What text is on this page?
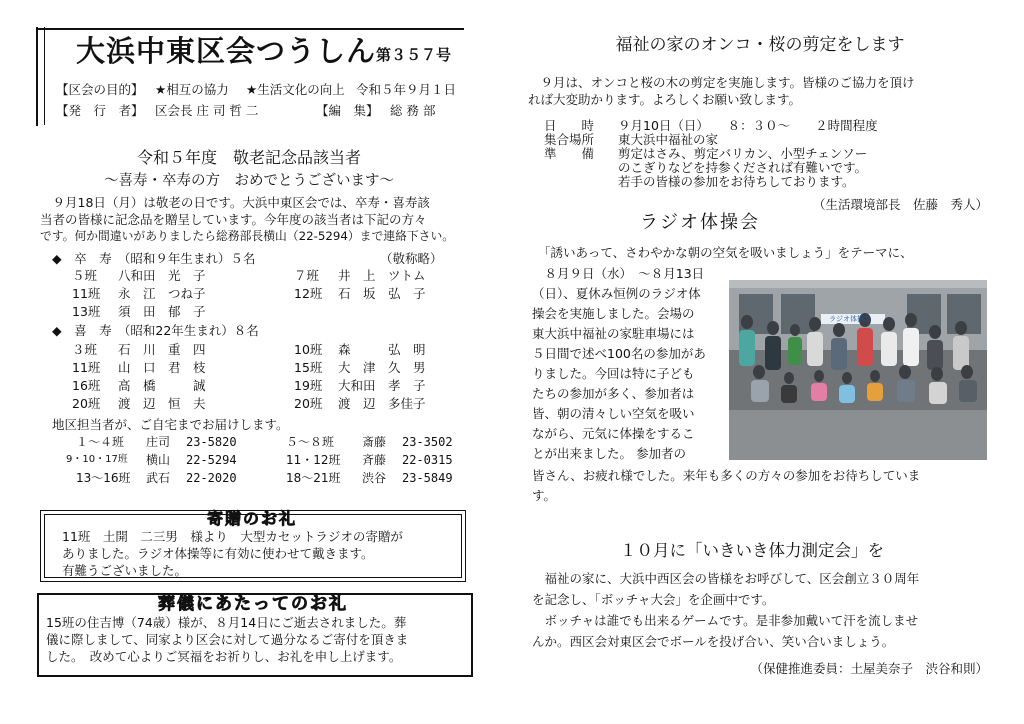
大浜中東区会つうしん 第３５７号
【区会の目的】 ★相互の協力 ★生活文化の向上 令和５年９月１日
【発　行　者】 区会長 庄 司 哲 二	【編　集】 総 務 部
令和５年度　敬老記念品該当者
～喜寿・卒寿の方　おめでとうございます～
　９月18日（月）は敬老の日です。大浜中東区会では、卒寿・喜寿該
当者の皆様に記念品を贈呈しています。今年度の該当者は下記の方々
です。何か間違いがありましたら総務部長横山（22-5294）まで連絡下さい。
◆　卒　寿　（昭和９年生まれ）５名	（敬称略）
５班 八和田　光　子	７班 井　上　ツトム
11班 永　江　つね子	12班 石　坂　弘　子
13班 須　田　郁　子
◆　喜　寿　（昭和22年生まれ）８名
３班 石　川　重　四	10班 森　　　弘　明
11班 山　口　君　枝	15班 大　津　久　男
16班 高　橋　　　誠	19班 大和田　孝　子
20班 渡　辺　恒　夫	20班 渡　辺　多佳子
地区担当者が、ご自宅までお届けします。
１～４班 庄司 23-5820	５～８班 斎藤 23-3502
9・10・17班 横山 22-5294	11・12班 斉藤 22-0315
13～16班 武石 22-2020	18～21班 渋谷 23-5849
寄贈のお礼
11班　土開　二三男　様より　大型カセットラジオの寄贈が
ありました。ラジオ体操等に有効に使わせて戴きます。
有難うございました。
葬儀にあたってのお礼
15班の住吉博（74歳）様が、８月14日にご逝去されました。葬
儀に際しまして、同家より区会に対して過分なるご寄付を頂きま
した。　改めて心よりご冥福をお祈りし、お礼を申し上げます。
福祉の家のオンコ・桜の剪定をします
　９月は、オンコと桜の木の剪定を実施します。皆様のご協力を頂け
れば大変助かります。よろしくお願い致します。
日　　時 ９月10日（日）　　８：３０～　　２時間程度
集合場所 東大浜中福祉の家
準　　備 剪定はさみ、剪定バリカン、小型チェンソー
のこぎりなどを持参くだされば有難いです。
若手の皆様の参加をお待ちしております。
（生活環境部長　佐藤　秀人）
ラジオ体操会
「誘いあって、さわやかな朝の空気を吸いましょう」をテーマに、
　８月９日（水）　～８月13日
（日）、夏休み恒例のラジオ体
操会を実施しました。会場の
東大浜中福祉の家駐車場には
５日間で述べ100名の参加があ
りました。今回は特に子ども
たちの参加が多く、参加者は
皆、朝の清々しい空気を吸い
ながら、元気に体操をするこ
とが出来ました。 参加者の
ラジオ体操会
皆さん、お疲れ様でした。来年も多くの方々の参加をお待ちしていま
す。
１０月に「いきいき体力測定会」を
　福祉の家に、大浜中西区会の皆様をお呼びして、区会創立３０周年
を記念し、「ボッチャ大会」を企画中です。
　ボッチャは誰でも出来るゲームです。是非参加戴いて汗を流しませ
んか。西区会対東区会でボールを投げ合い、笑い合いましょう。
（保健推進委員：土屋美奈子　渋谷和則）
